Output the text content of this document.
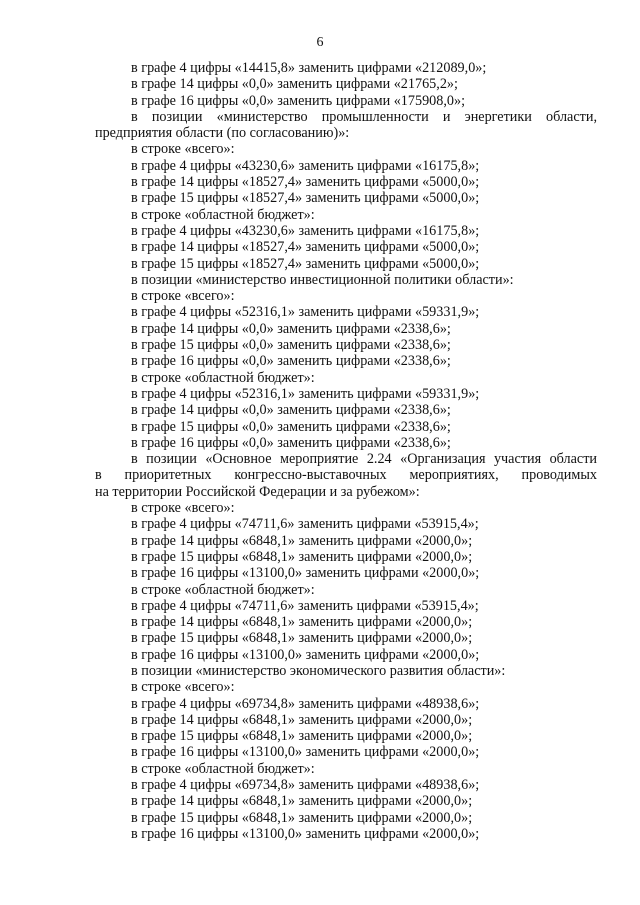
6
в графе 4 цифры «14415,8» заменить цифрами «212089,0»;
в графе 14 цифры «0,0» заменить цифрами «21765,2»;
в графе 16 цифры «0,0» заменить цифрами «175908,0»;
в позиции «министерство промышленности и энергетики области,
предприятия области (по согласованию)»:
в строке «всего»:
в графе 4 цифры «43230,6» заменить цифрами «16175,8»;
в графе 14 цифры «18527,4» заменить цифрами «5000,0»;
в графе 15 цифры «18527,4» заменить цифрами «5000,0»;
в строке «областной бюджет»:
в графе 4 цифры «43230,6» заменить цифрами «16175,8»;
в графе 14 цифры «18527,4» заменить цифрами «5000,0»;
в графе 15 цифры «18527,4» заменить цифрами «5000,0»;
в позиции «министерство инвестиционной политики области»:
в строке «всего»:
в графе 4 цифры «52316,1» заменить цифрами «59331,9»;
в графе 14 цифры «0,0» заменить цифрами «2338,6»;
в графе 15 цифры «0,0» заменить цифрами «2338,6»;
в графе 16 цифры «0,0» заменить цифрами «2338,6»;
в строке «областной бюджет»:
в графе 4 цифры «52316,1» заменить цифрами «59331,9»;
в графе 14 цифры «0,0» заменить цифрами «2338,6»;
в графе 15 цифры «0,0» заменить цифрами «2338,6»;
в графе 16 цифры «0,0» заменить цифрами «2338,6»;
в позиции «Основное мероприятие 2.24 «Организация участия области
в приоритетных конгрессно-выставочных мероприятиях, проводимых
на территории Российской Федерации и за рубежом»:
в строке «всего»:
в графе 4 цифры «74711,6» заменить цифрами «53915,4»;
в графе 14 цифры «6848,1» заменить цифрами «2000,0»;
в графе 15 цифры «6848,1» заменить цифрами «2000,0»;
в графе 16 цифры «13100,0» заменить цифрами «2000,0»;
в строке «областной бюджет»:
в графе 4 цифры «74711,6» заменить цифрами «53915,4»;
в графе 14 цифры «6848,1» заменить цифрами «2000,0»;
в графе 15 цифры «6848,1» заменить цифрами «2000,0»;
в графе 16 цифры «13100,0» заменить цифрами «2000,0»;
в позиции «министерство экономического развития области»:
в строке «всего»:
в графе 4 цифры «69734,8» заменить цифрами «48938,6»;
в графе 14 цифры «6848,1» заменить цифрами «2000,0»;
в графе 15 цифры «6848,1» заменить цифрами «2000,0»;
в графе 16 цифры «13100,0» заменить цифрами «2000,0»;
в строке «областной бюджет»:
в графе 4 цифры «69734,8» заменить цифрами «48938,6»;
в графе 14 цифры «6848,1» заменить цифрами «2000,0»;
в графе 15 цифры «6848,1» заменить цифрами «2000,0»;
в графе 16 цифры «13100,0» заменить цифрами «2000,0»;
